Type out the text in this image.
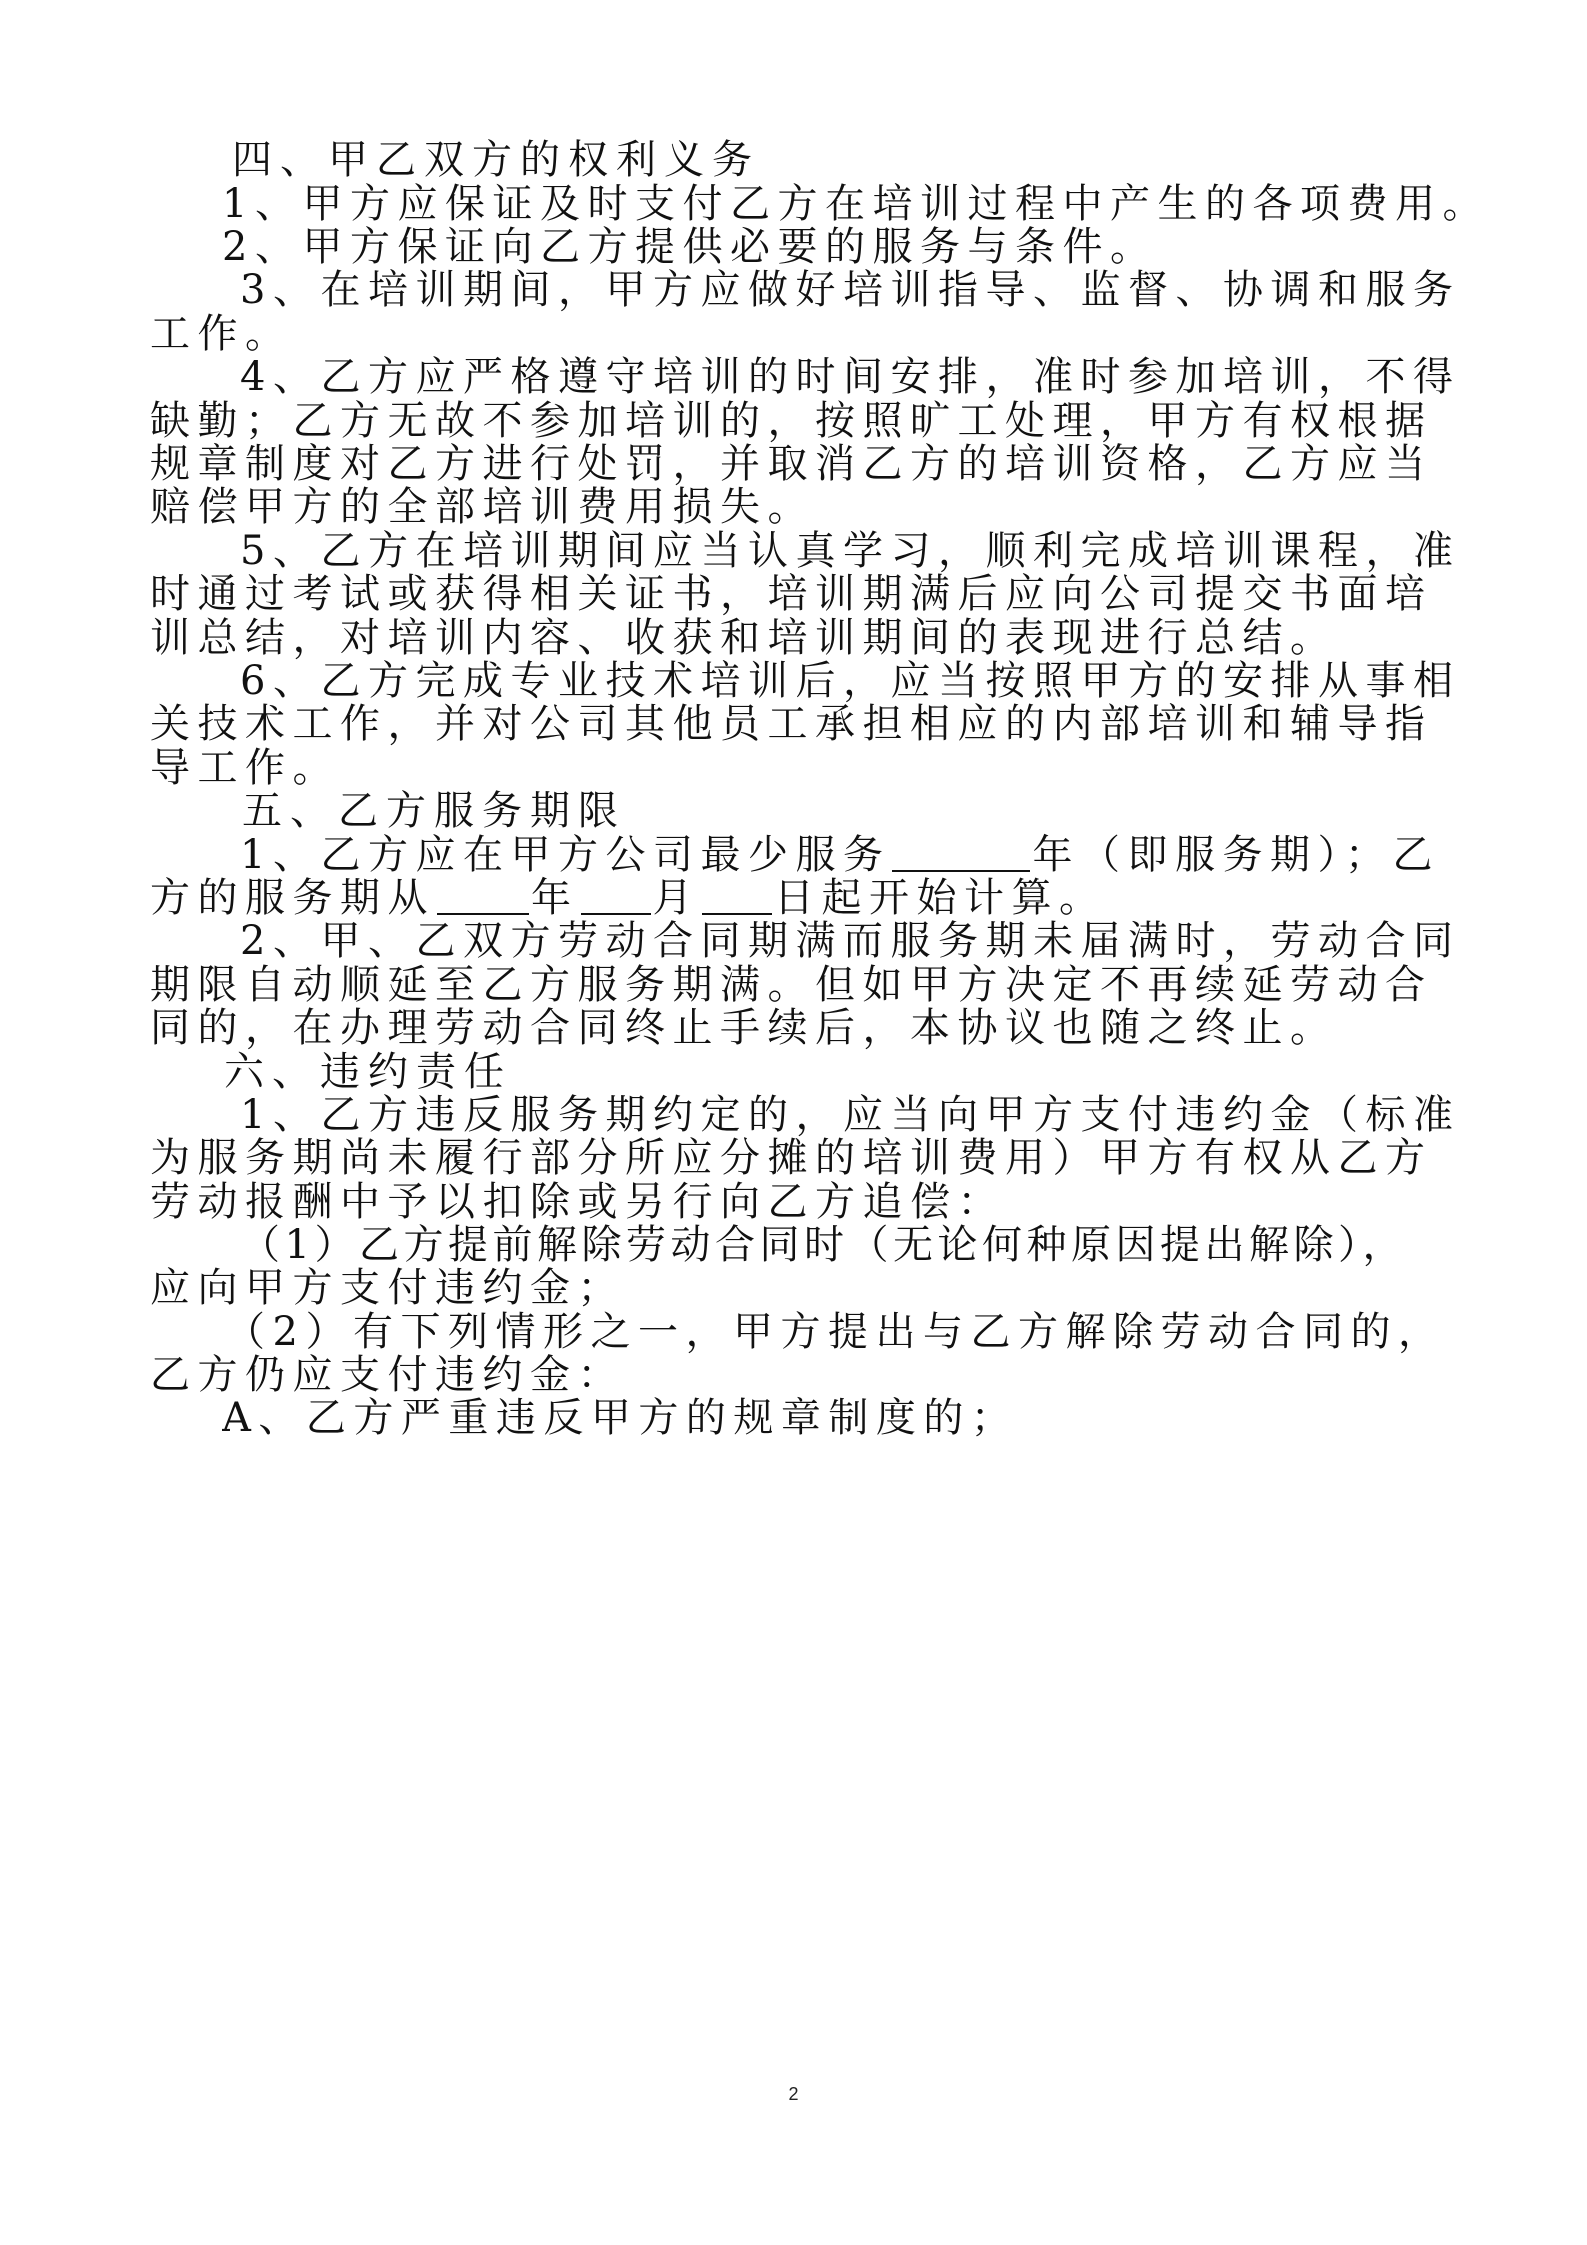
四、甲乙双方的权利义务
1、甲方应保证及时支付乙方在培训过程中产生的各项费用。
2、甲方保证向乙方提供必要的服务与条件。
3、在培训期间，甲方应做好培训指导、监督、协调和服务
工作。
4、乙方应严格遵守培训的时间安排，准时参加培训，不得
缺勤；乙方无故不参加培训的，按照旷工处理，甲方有权根据
规章制度对乙方进行处罚，并取消乙方的培训资格，乙方应当
赔偿甲方的全部培训费用损失。
5、乙方在培训期间应当认真学习，顺利完成培训课程，准
时通过考试或获得相关证书，培训期满后应向公司提交书面培
训总结，对培训内容、收获和培训期间的表现进行总结。
6、乙方完成专业技术培训后，应当按照甲方的安排从事相
关技术工作，并对公司其他员工承担相应的内部培训和辅导指
导工作。
五、乙方服务期限
1、乙方应在甲方公司最少服务	年（即服务期）；乙
方的服务期从 年 月 日起开始计算。
2、甲、乙双方劳动合同期满而服务期未届满时，劳动合同
期限自动顺延至乙方服务期满。但如甲方决定不再续延劳动合
同的，在办理劳动合同终止手续后，本协议也随之终止。
六、违约责任
1、乙方违反服务期约定的，应当向甲方支付违约金（标准
为服务期尚未履行部分所应分摊的培训费用）甲方有权从乙方
劳动报酬中予以扣除或另行向乙方追偿：
（1）乙方提前解除劳动合同时（无论何种原因提出解除），
应向甲方支付违约金；
（2）有下列情形之一，甲方提出与乙方解除劳动合同的，
乙方仍应支付违约金：
A、乙方严重违反甲方的规章制度的；
2
